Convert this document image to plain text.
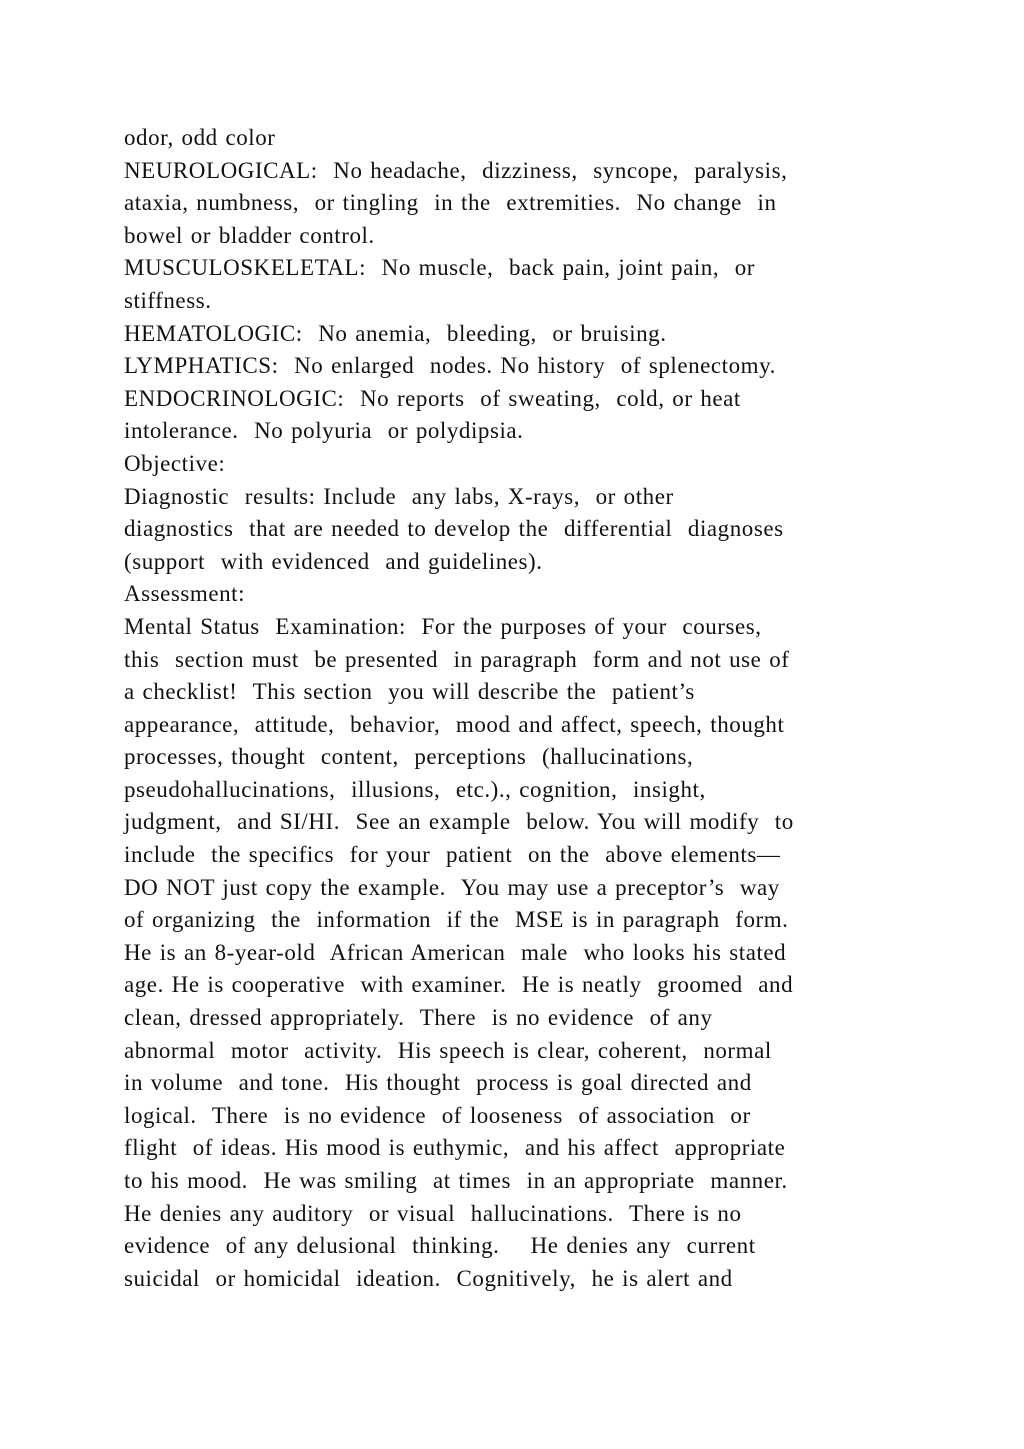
odor, odd color
NEUROLOGICAL:  No headache,  dizziness,  syncope,  paralysis,
ataxia, numbness,  or tingling  in the  extremities.  No change  in
bowel or bladder control.
MUSCULOSKELETAL:  No muscle,  back pain, joint pain,  or
stiffness.
HEMATOLOGIC:  No anemia,  bleeding,  or bruising.
LYMPHATICS:  No enlarged  nodes. No history  of splenectomy.
ENDOCRINOLOGIC:  No reports  of sweating,  cold, or heat
intolerance.  No polyuria  or polydipsia.
Objective:
Diagnostic  results: Include  any labs, X-rays,  or other
diagnostics  that are needed to develop the  differential  diagnoses
(support  with evidenced  and guidelines).
Assessment:
Mental Status  Examination:  For the purposes of your  courses,
this  section must  be presented  in paragraph  form and not use of
a checklist!  This section  you will describe the  patient’s
appearance,  attitude,  behavior,  mood and affect, speech, thought
processes, thought  content,  perceptions  (hallucinations,
pseudohallucinations,  illusions,  etc.)., cognition,  insight,
judgment,  and SI/HI.  See an example  below. You will modify  to
include  the specifics  for your  patient  on the  above elements—
DO NOT just copy the example.  You may use a preceptor’s  way
of organizing  the  information  if the  MSE is in paragraph  form.
He is an 8-year-old  African American  male  who looks his stated
age. He is cooperative  with examiner.  He is neatly  groomed  and
clean, dressed appropriately.  There  is no evidence  of any
abnormal  motor  activity.  His speech is clear, coherent,  normal
in volume  and tone.  His thought  process is goal directed and
logical.  There  is no evidence  of looseness  of association  or
flight  of ideas. His mood is euthymic,  and his affect  appropriate
to his mood.  He was smiling  at times  in an appropriate  manner.
He denies any auditory  or visual  hallucinations.  There is no
evidence  of any delusional  thinking.    He denies any  current
suicidal  or homicidal  ideation.  Cognitively,  he is alert and
